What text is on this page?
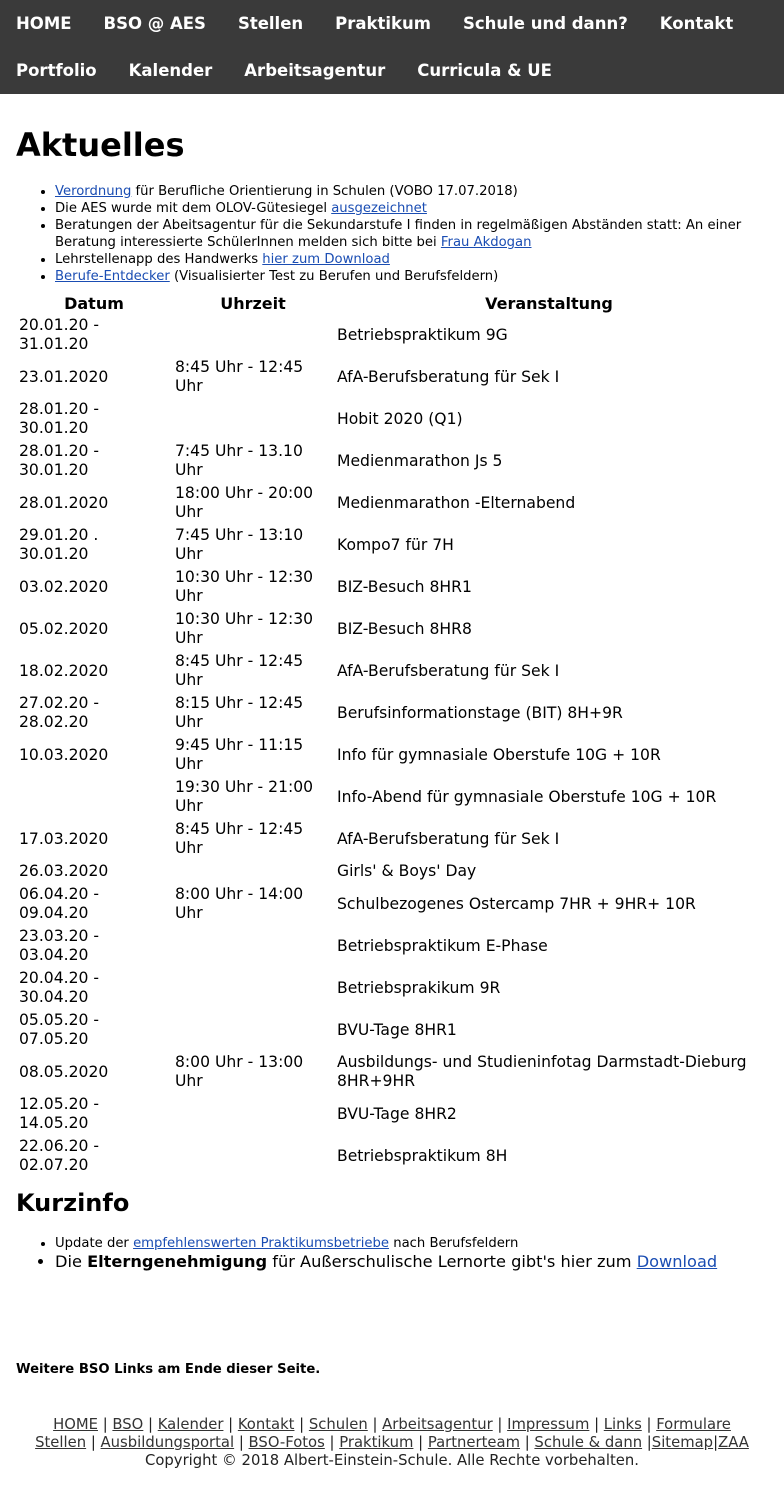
HOME BSO @ AES Stellen Praktikum Schule und dann? Kontakt
Portfolio Kalender Arbeitsagentur Curricula & UE
Aktuelles
• Verordnung für Berufliche Orientierung in Schulen (VOBO 17.07.2018)
• Die AES wurde mit dem OLOV-Gütesiegel ausgezeichnet
• Beratungen der Abeitsagentur für die Sekundarstufe I finden in regelmäßigen Abständen statt: An einer Beratung interessierte SchülerInnen melden sich bitte bei Frau Akdogan
• Lehrstellenapp des Handwerks hier zum Download
• Berufe-Entdecker (Visualisierter Test zu Berufen und Berufsfeldern)
Datum	Uhrzeit	Veranstaltung
20.01.20 - 31.01.20		Betriebspraktikum 9G
23.01.2020	8:45 Uhr - 12:45 Uhr	AfA-Berufsberatung für Sek I
28.01.20 - 30.01.20		Hobit 2020 (Q1)
28.01.20 - 30.01.20	7:45 Uhr - 13.10 Uhr	Medienmarathon Js 5
28.01.2020	18:00 Uhr - 20:00 Uhr	Medienmarathon -Elternabend
29.01.20 . 30.01.20	7:45 Uhr - 13:10 Uhr	Kompo7 für 7H
03.02.2020	10:30 Uhr - 12:30 Uhr	BIZ-Besuch 8HR1
05.02.2020	10:30 Uhr - 12:30 Uhr	BIZ-Besuch 8HR8
18.02.2020	8:45 Uhr - 12:45 Uhr	AfA-Berufsberatung für Sek I
27.02.20 - 28.02.20	8:15 Uhr - 12:45 Uhr	Berufsinformationstage (BIT) 8H+9R
10.03.2020	9:45 Uhr - 11:15 Uhr	Info für gymnasiale Oberstufe 10G + 10R
	19:30 Uhr - 21:00 Uhr	Info-Abend für gymnasiale Oberstufe 10G + 10R
17.03.2020	8:45 Uhr - 12:45 Uhr	AfA-Berufsberatung für Sek I
26.03.2020		Girls' & Boys' Day
06.04.20 - 09.04.20	8:00 Uhr - 14:00 Uhr	Schulbezogenes Ostercamp 7HR + 9HR+ 10R
23.03.20 - 03.04.20		Betriebspraktikum E-Phase
20.04.20 - 30.04.20		Betriebsprakikum 9R
05.05.20 - 07.05.20		BVU-Tage 8HR1
08.05.2020	8:00 Uhr - 13:00 Uhr	Ausbildungs- und Studieninfotag Darmstadt-Dieburg 8HR+9HR
12.05.20 - 14.05.20		BVU-Tage 8HR2
22.06.20 - 02.07.20		Betriebspraktikum 8H
Kurzinfo
• Update der empfehlenswerten Praktikumsbetriebe nach Berufsfeldern
• Die Elterngenehmigung für Außerschulische Lernorte gibt's hier zum Download

Weitere BSO Links am Ende dieser Seite.

HOME | BSO | Kalender | Kontakt | Schulen | Arbeitsagentur | Impressum | Links | Formulare
Stellen | Ausbildungsportal | BSO-Fotos | Praktikum | Partnerteam | Schule & dann |Sitemap|ZAA
Copyright © 2018 Albert-Einstein-Schule. Alle Rechte vorbehalten.
